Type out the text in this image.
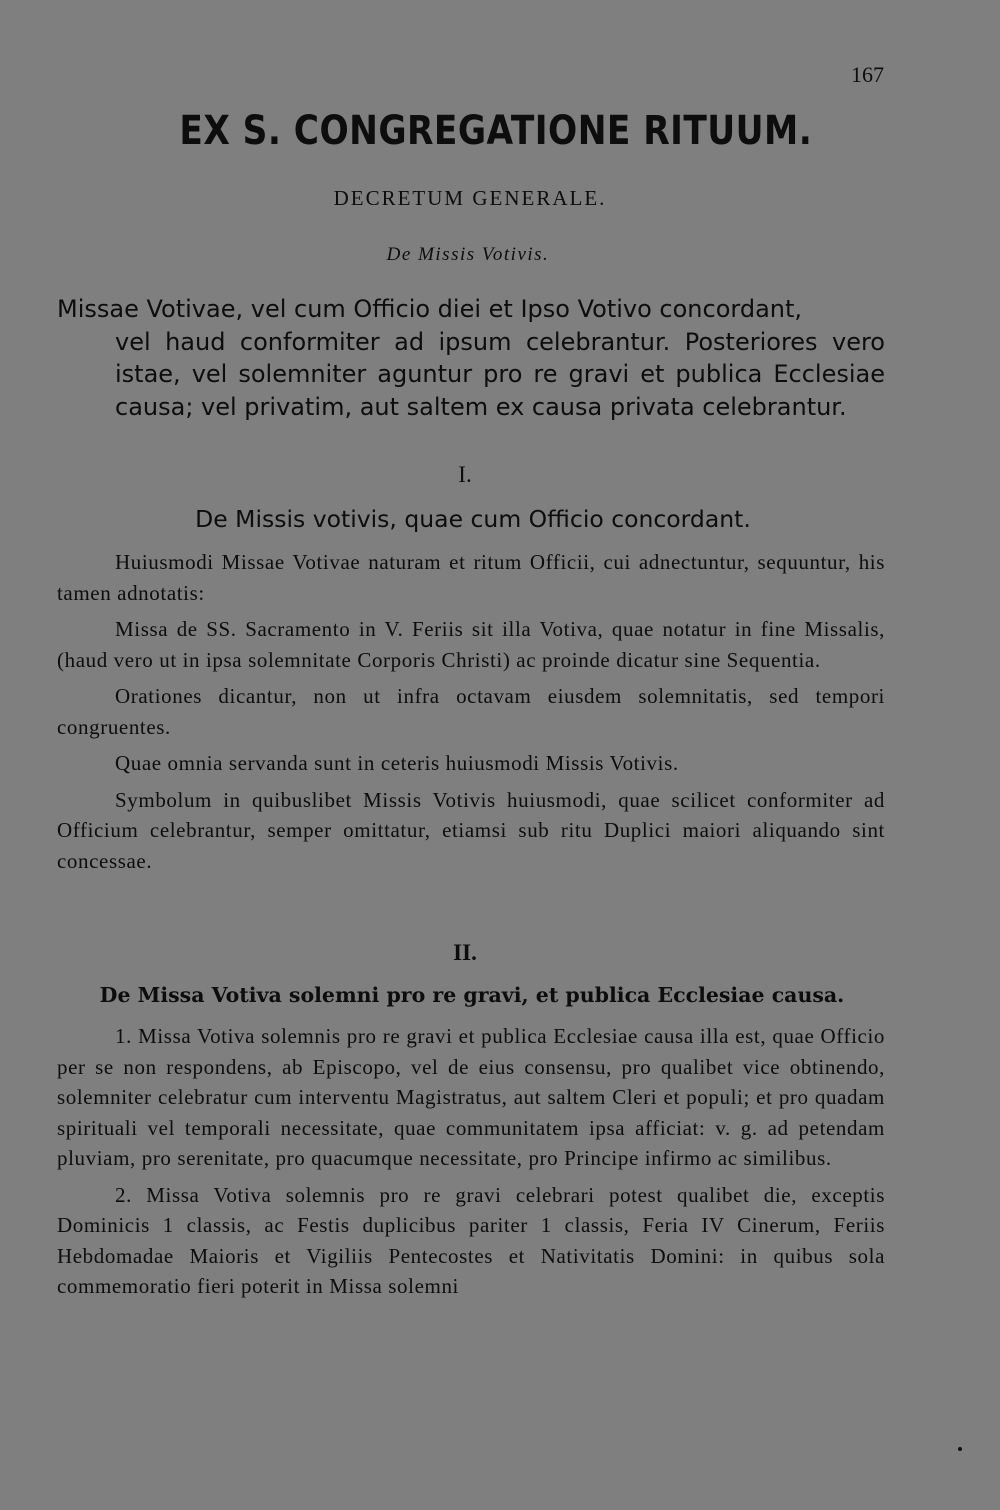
167
EX S. CONGREGATIONE RITUUM.
DECRETUM GENERALE.
De Missis Votivis.
Missae Votivae, vel cum Officio diei et Ipso Votivo concordant,
vel haud conformiter ad ipsum celebrantur. Posteriores vero istae, vel solemniter aguntur pro re gravi et publica Ecclesiae causa; vel privatim, aut saltem ex causa privata celebrantur.
I.
De Missis votivis, quae cum Officio concordant.

Huiusmodi Missae Votivae naturam et ritum Officii, cui adnectuntur, sequuntur, his tamen adnotatis:

Missa de SS. Sacramento in V. Feriis sit illa Votiva, quae notatur in fine Missalis, (haud vero ut in ipsa solemnitate Corporis Christi) ac proinde dicatur sine Sequentia.

Orationes dicantur, non ut infra octavam eiusdem solemnitatis, sed tempori congruentes.

Quae omnia servanda sunt in ceteris huiusmodi Missis Votivis.

Symbolum in quibuslibet Missis Votivis huiusmodi, quae scilicet conformiter ad Officium celebrantur, semper omittatur, etiamsi sub ritu Duplici maiori aliquando sint concessae.

II.
De Missa Votiva solemni pro re gravi, et publica Ecclesiae causa.

1. Missa Votiva solemnis pro re gravi et publica Ecclesiae causa illa est, quae Officio per se non respondens, ab Episcopo, vel de eius consensu, pro qualibet vice obtinendo, solemniter celebratur cum interventu Magistratus, aut saltem Cleri et populi; et pro quadam spirituali vel temporali necessitate, quae communitatem ipsa afficiat: v. g. ad petendam pluviam, pro serenitate, pro quacumque necessitate, pro Principe infirmo ac similibus.

2. Missa Votiva solemnis pro re gravi celebrari potest qualibet die, exceptis Dominicis 1 classis, ac Festis duplicibus pariter 1 classis, Feria IV Cinerum, Feriis Hebdomadae Maioris et Vigiliis Pentecostes et Nativitatis Domini: in quibus sola commemoratio fieri poterit in Missa solemni
